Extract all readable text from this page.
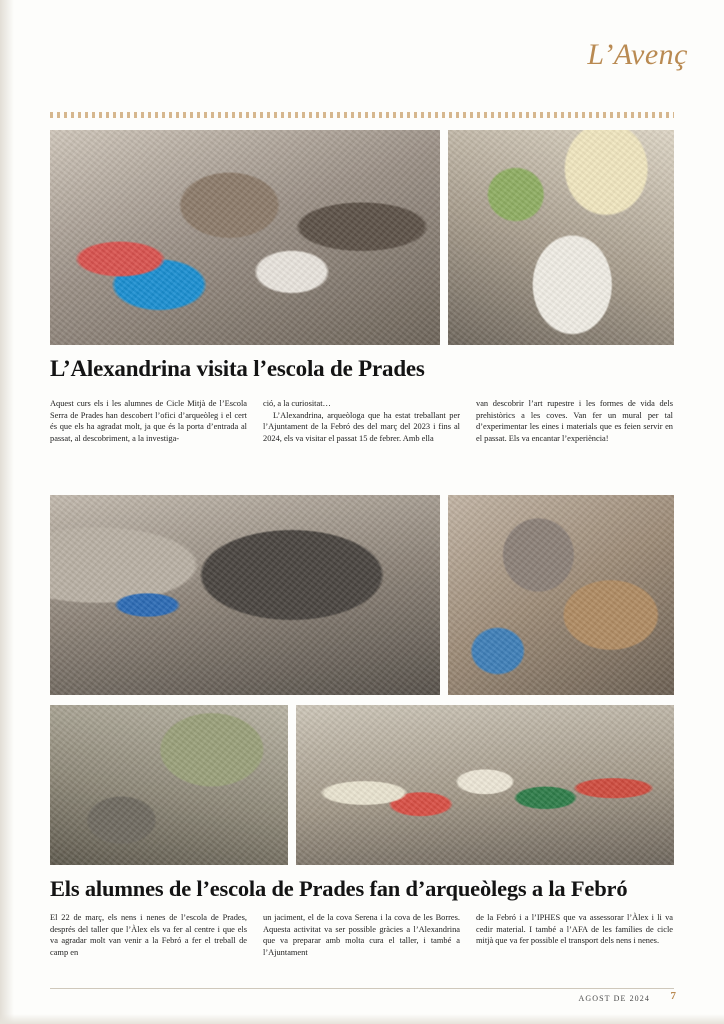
L’Avenç
L’Alexandrina visita l’escola de Prades

Aquest curs els i les alumnes de Cicle Mitjà de l’Escola Serra de Prades han descobert l’ofici d’arqueòleg i el cert és que els ha agradat molt, ja que és la porta d’entrada al passat, al descobriment, a la investiga-

ció, a la curiositat…

L’Alexandrina, arqueòloga que ha estat treballant per l’Ajuntament de la Febró des del març del 2023 i fins al 2024, els va visitar el passat 15 de febrer. Amb ella

van descobrir l’art rupestre i les formes de vida dels prehistòrics a les coves. Van fer un mural per tal d’experimentar les eines i materials que es feien servir en el passat. Els va encantar l’experiència!

Els alumnes de l’escola de Prades fan d’arqueòlegs a la Febró

El 22 de març, els nens i nenes de l’escola de Prades, després del taller que l’Àlex els va fer al centre i que els va agradar molt van venir a la Febró a fer el treball de camp en

un jaciment, el de la cova Serena i la cova de les Borres. Aquesta activitat va ser possible gràcies a l’Alexandrina que va preparar amb molta cura el taller, i també a l’Ajuntament

de la Febró i a l’IPHES que va assessorar l’Àlex i li va cedir material. I també a l’AFA de les famílies de cicle mitjà que va fer possible el transport dels nens i nenes.

AGOST DE 2024 7
